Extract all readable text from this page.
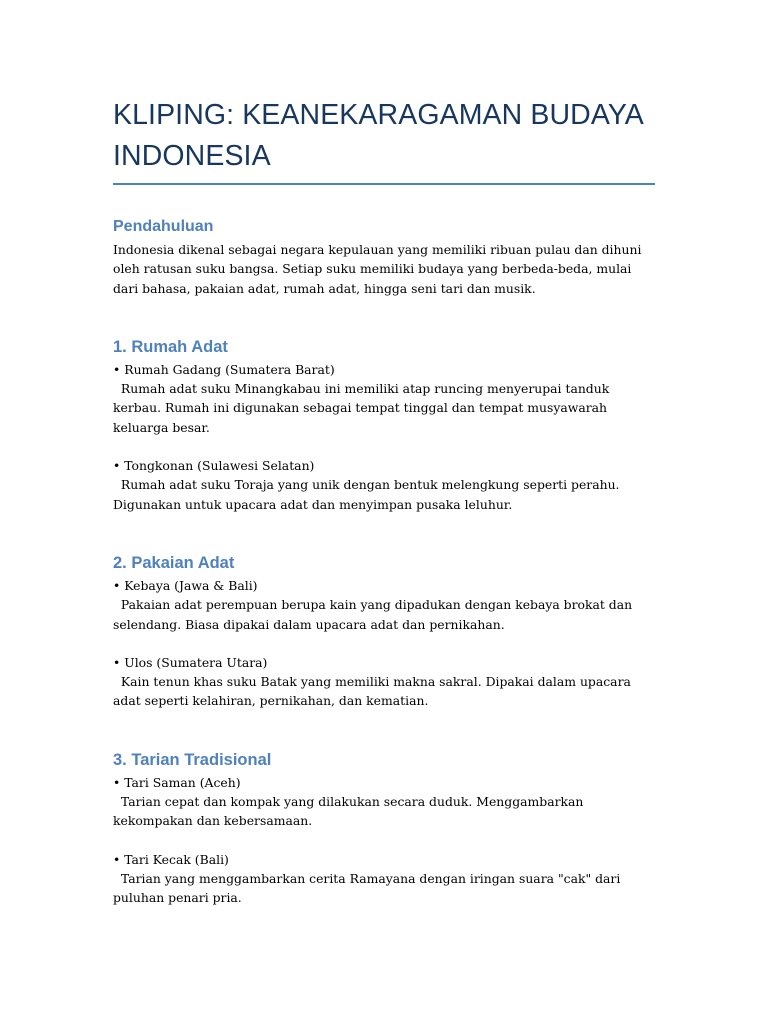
KLIPING: KEANEKARAGAMAN BUDAYA INDONESIA
Pendahuluan

Indonesia dikenal sebagai negara kepulauan yang memiliki ribuan pulau dan dihuni oleh ratusan suku bangsa. Setiap suku memiliki budaya yang berbeda-beda, mulai dari bahasa, pakaian adat, rumah adat, hingga seni tari dan musik.

1. Rumah Adat

• Rumah Gadang (Sumatera Barat)

Rumah adat suku Minangkabau ini memiliki atap runcing menyerupai tanduk kerbau. Rumah ini digunakan sebagai tempat tinggal dan tempat musyawarah keluarga besar.

• Tongkonan (Sulawesi Selatan)

Rumah adat suku Toraja yang unik dengan bentuk melengkung seperti perahu. Digunakan untuk upacara adat dan menyimpan pusaka leluhur.

2. Pakaian Adat

• Kebaya (Jawa & Bali)

Pakaian adat perempuan berupa kain yang dipadukan dengan kebaya brokat dan selendang. Biasa dipakai dalam upacara adat dan pernikahan.

• Ulos (Sumatera Utara)

Kain tenun khas suku Batak yang memiliki makna sakral. Dipakai dalam upacara adat seperti kelahiran, pernikahan, dan kematian.

3. Tarian Tradisional

• Tari Saman (Aceh)

Tarian cepat dan kompak yang dilakukan secara duduk. Menggambarkan kekompakan dan kebersamaan.

• Tari Kecak (Bali)

Tarian yang menggambarkan cerita Ramayana dengan iringan suara "cak" dari puluhan penari pria.
